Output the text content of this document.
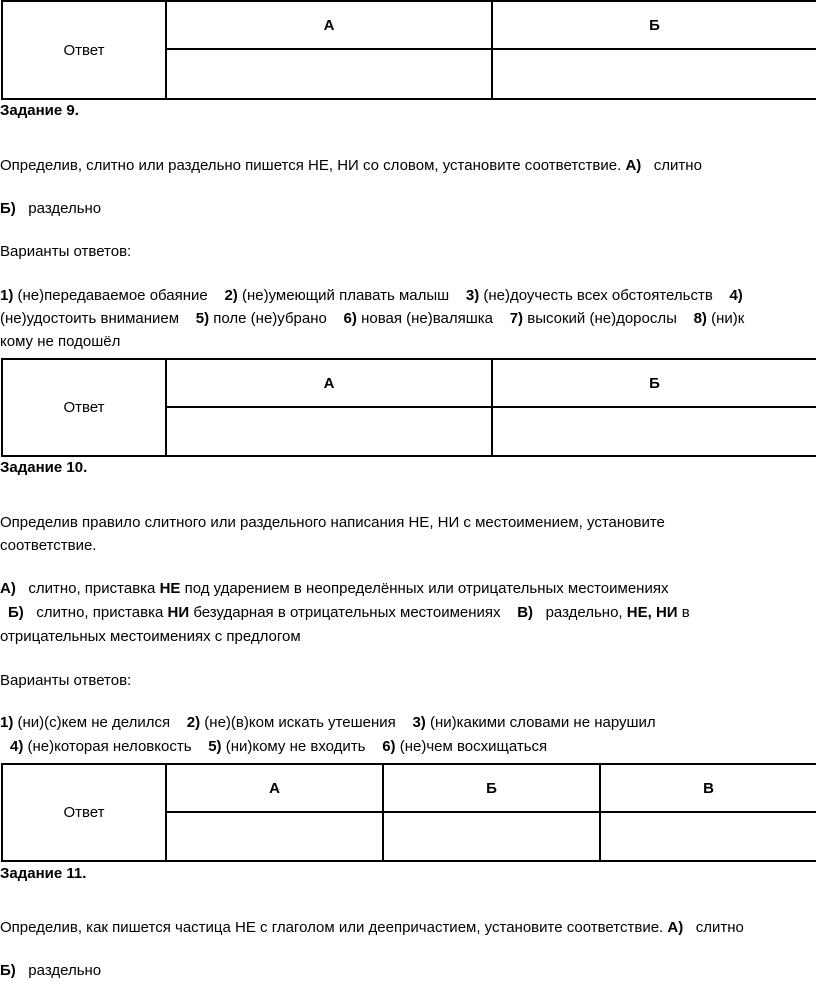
Ответ	А	Б

Задание 9.
Определив, слитно или раздельно пишется НЕ, НИ со словом, установите соответствие. А) слитно
Б) раздельно
Варианты ответов:
1) (не)передаваемое обаяние 2) (не)умеющий плавать малыш 3) (не)доучесть всех обстоятельств 4)
(не)удостоить вниманием 5) поле (не)убрано 6) новая (не)валяшка 7) высокий (не)дорослы 8) (ни)к
кому не подошёл
Ответ	А	Б

Задание 10.
Определив правило слитного или раздельного написания НЕ, НИ с местоимением, установите
соответствие.
А) слитно, приставка НЕ под ударением в неопределённых или отрицательных местоимениях
Б) слитно, приставка НИ безударная в отрицательных местоимениях В) раздельно, НЕ, НИ в
отрицательных местоимениях с предлогом
Варианты ответов:
1) (ни)(с)кем не делился 2) (не)(в)ком искать утешения 3) (ни)какими словами не нарушил
4) (не)которая неловкость 5) (ни)кому не входить 6) (не)чем восхищаться
Ответ	А	Б	В

Задание 11.
Определив, как пишется частица НЕ с глаголом или деепричастием, установите соответствие. А) слитно
Б) раздельно
